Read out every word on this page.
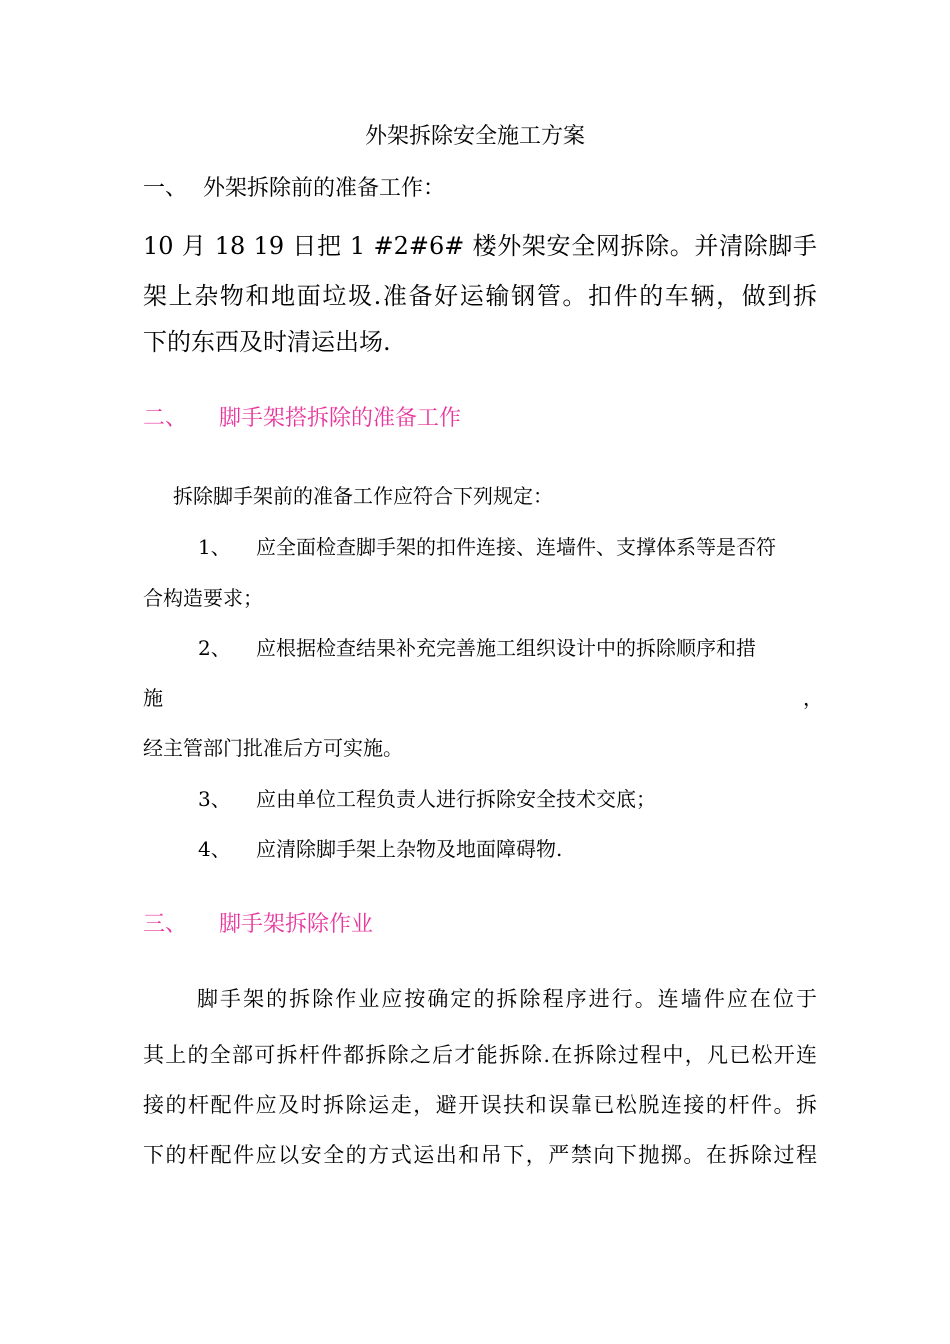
外架拆除安全施工方案
一、 外架拆除前的准备工作：
10 月 18 19 日把 1 #2#6# 楼外架安全网拆除。并清除脚手
架上杂物和地面垃圾.准备好运输钢管。扣件的车辆，做到拆
下的东西及时清运出场.
二、 脚手架搭拆除的准备工作
拆除脚手架前的准备工作应符合下列规定：
1、 应全面检查脚手架的扣件连接、连墙件、支撑体系等是否符
合构造要求；
2、 应根据检查结果补充完善施工组织设计中的拆除顺序和措
施	，
经主管部门批准后方可实施。
3、 应由单位工程负责人进行拆除安全技术交底；
4、 应清除脚手架上杂物及地面障碍物.
三、 脚手架拆除作业
脚手架的拆除作业应按确定的拆除程序进行。连墙件应在位于
其上的全部可拆杆件都拆除之后才能拆除.在拆除过程中，凡已松开连
接的杆配件应及时拆除运走，避开误扶和误靠已松脱连接的杆件。拆
下的杆配件应以安全的方式运出和吊下，严禁向下抛掷。在拆除过程
